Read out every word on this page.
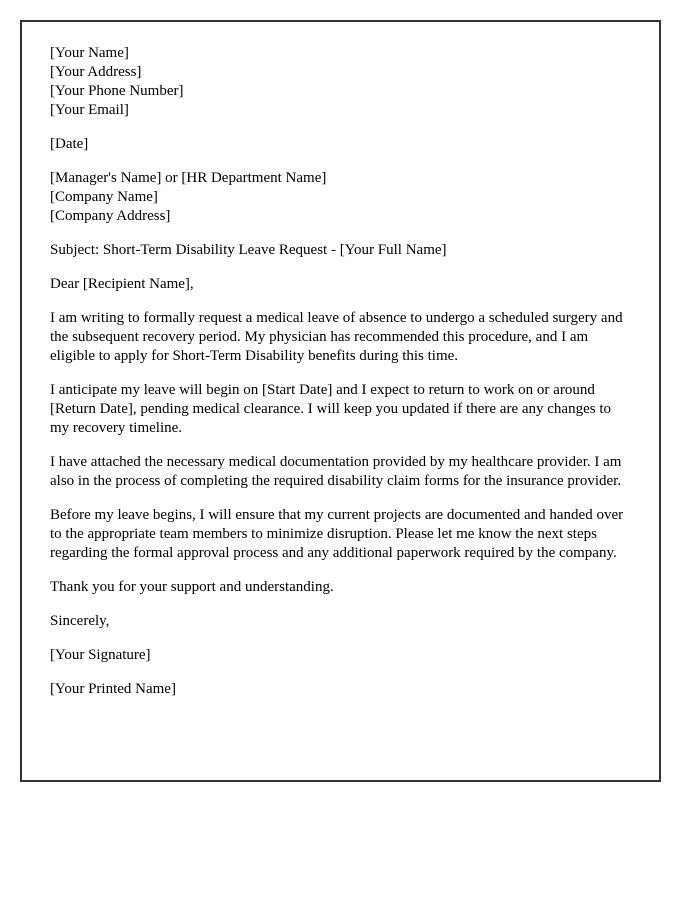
[Your Name]

[Your Address]

[Your Phone Number]

[Your Email]

[Date]

[Manager's Name] or [HR Department Name]

[Company Name]

[Company Address]

Subject: Short-Term Disability Leave Request - [Your Full Name]

Dear [Recipient Name],

I am writing to formally request a medical leave of absence to undergo a scheduled surgery and the subsequent recovery period. My physician has recommended this procedure, and I am eligible to apply for Short-Term Disability benefits during this time.

I anticipate my leave will begin on [Start Date] and I expect to return to work on or around [Return Date], pending medical clearance. I will keep you updated if there are any changes to my recovery timeline.

I have attached the necessary medical documentation provided by my healthcare provider. I am also in the process of completing the required disability claim forms for the insurance provider.

Before my leave begins, I will ensure that my current projects are documented and handed over to the appropriate team members to minimize disruption. Please let me know the next steps regarding the formal approval process and any additional paperwork required by the company.

Thank you for your support and understanding.

Sincerely,

[Your Signature]

[Your Printed Name]
